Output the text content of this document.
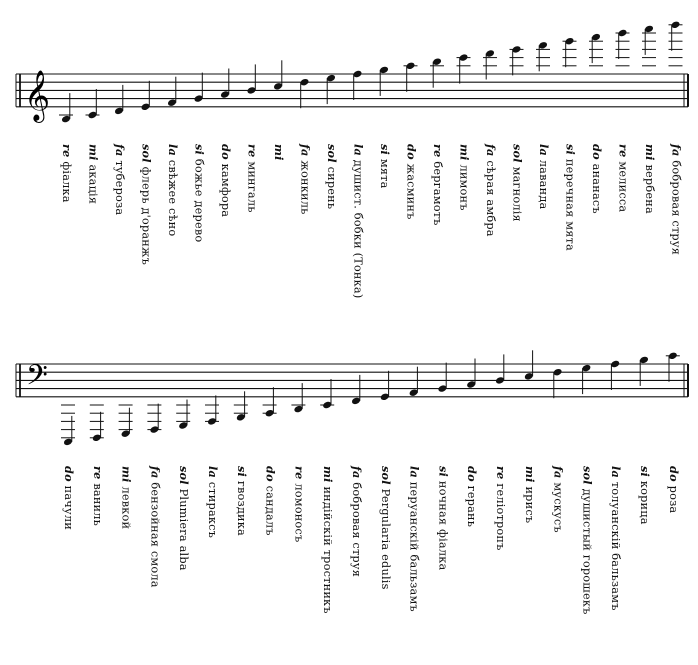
𝄞
𝄢
re фіалка
mi акація
fa туберoза
sol флерь д'оранжъ
la свѣжее сѣно
si божье дерево
do камфора
re мингаль
mi fa жонкиль
sol сирень
la душист. бобки (Тонка)
si мята
do жасминъ
re бергамотъ
mi лимонъ
fa сѣрая амбра
sol магнолія
la лаванда
si перечная мята
do ананасъ
re мелисса
mi вербена
fa бобровая струя
do пачули
re ваниль
mi левкой
fa бензойная смола
sol Plumiera alba
la стираксъ
si гвоздика
do сандалъ
re ломоносъ
mi индійскій тростникъ
fa бобровая струя
sol Pergularia edulis
la перуанскій бальзамъ
si ночная фіалка
do герань
re геліотропъ
mi ирисъ
fa мускусъ
sol душистый горошекъ
la толуанскій бальзамъ
si корица
do роза
